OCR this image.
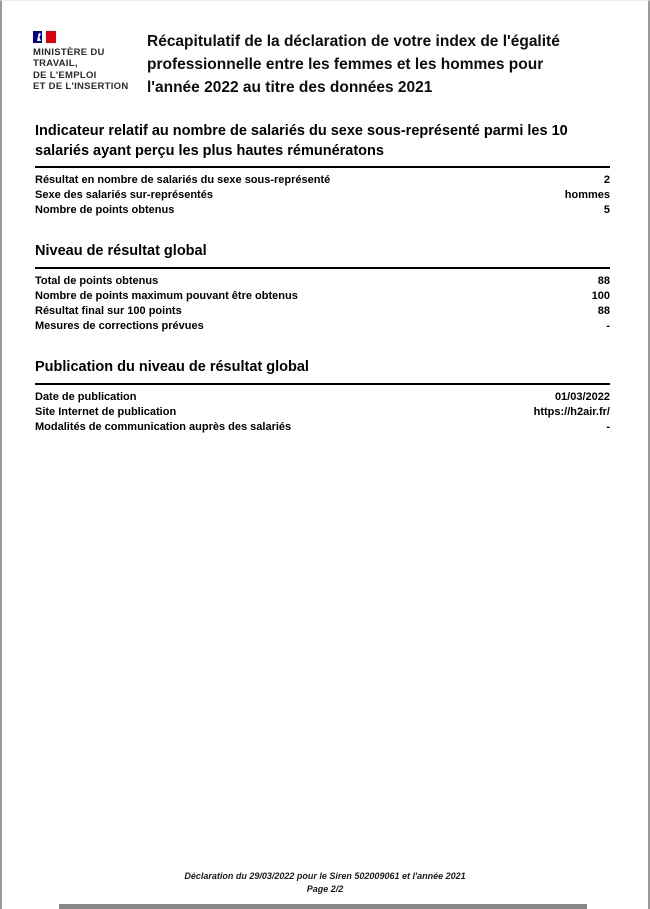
MINISTÈRE DU
TRAVAIL,
DE L'EMPLOI
ET DE L'INSERTION
Récapitulatif de la déclaration de votre index de l'égalité professionnelle entre les femmes et les hommes pour l'année 2022 au titre des données 2021
Indicateur relatif au nombre de salariés du sexe sous-représenté parmi les 10 salariés ayant perçu les plus hautes rémunératons
Résultat en nombre de salariés du sexe sous-représenté	2
Sexe des salariés sur-représentés	hommes
Nombre de points obtenus	5
Niveau de résultat global
Total de points obtenus	88
Nombre de points maximum pouvant être obtenus	100
Résultat final sur 100 points	88
Mesures de corrections prévues	-
Publication du niveau de résultat global
Date de publication	01/03/2022
Site Internet de publication	https://h2air.fr/
Modalités de communication auprès des salariés	-
Déclaration du 29/03/2022 pour le Siren 502009061 et l'année 2021
Page 2/2
